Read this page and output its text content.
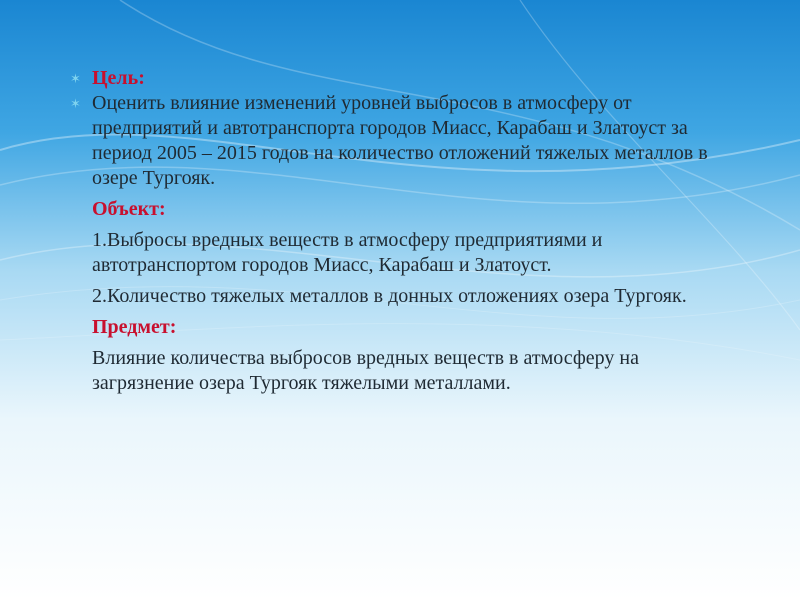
✶ Цель:
✶ Оценить влияние изменений уровней выбросов в атмосферу от предприятий и автотранспорта городов Миасс, Карабаш и Златоуст за период 2005 – 2015 годов на количество отложений тяжелых металлов в озере Тургояк.
Объект:
1.Выбросы вредных веществ в атмосферу предприятиями и автотранспортом городов Миасс, Карабаш и Златоуст.
2.Количество тяжелых металлов в донных отложениях озера Тургояк.
Предмет:
Влияние количества выбросов вредных веществ в атмосферу на загрязнение озера Тургояк тяжелыми металлами.
